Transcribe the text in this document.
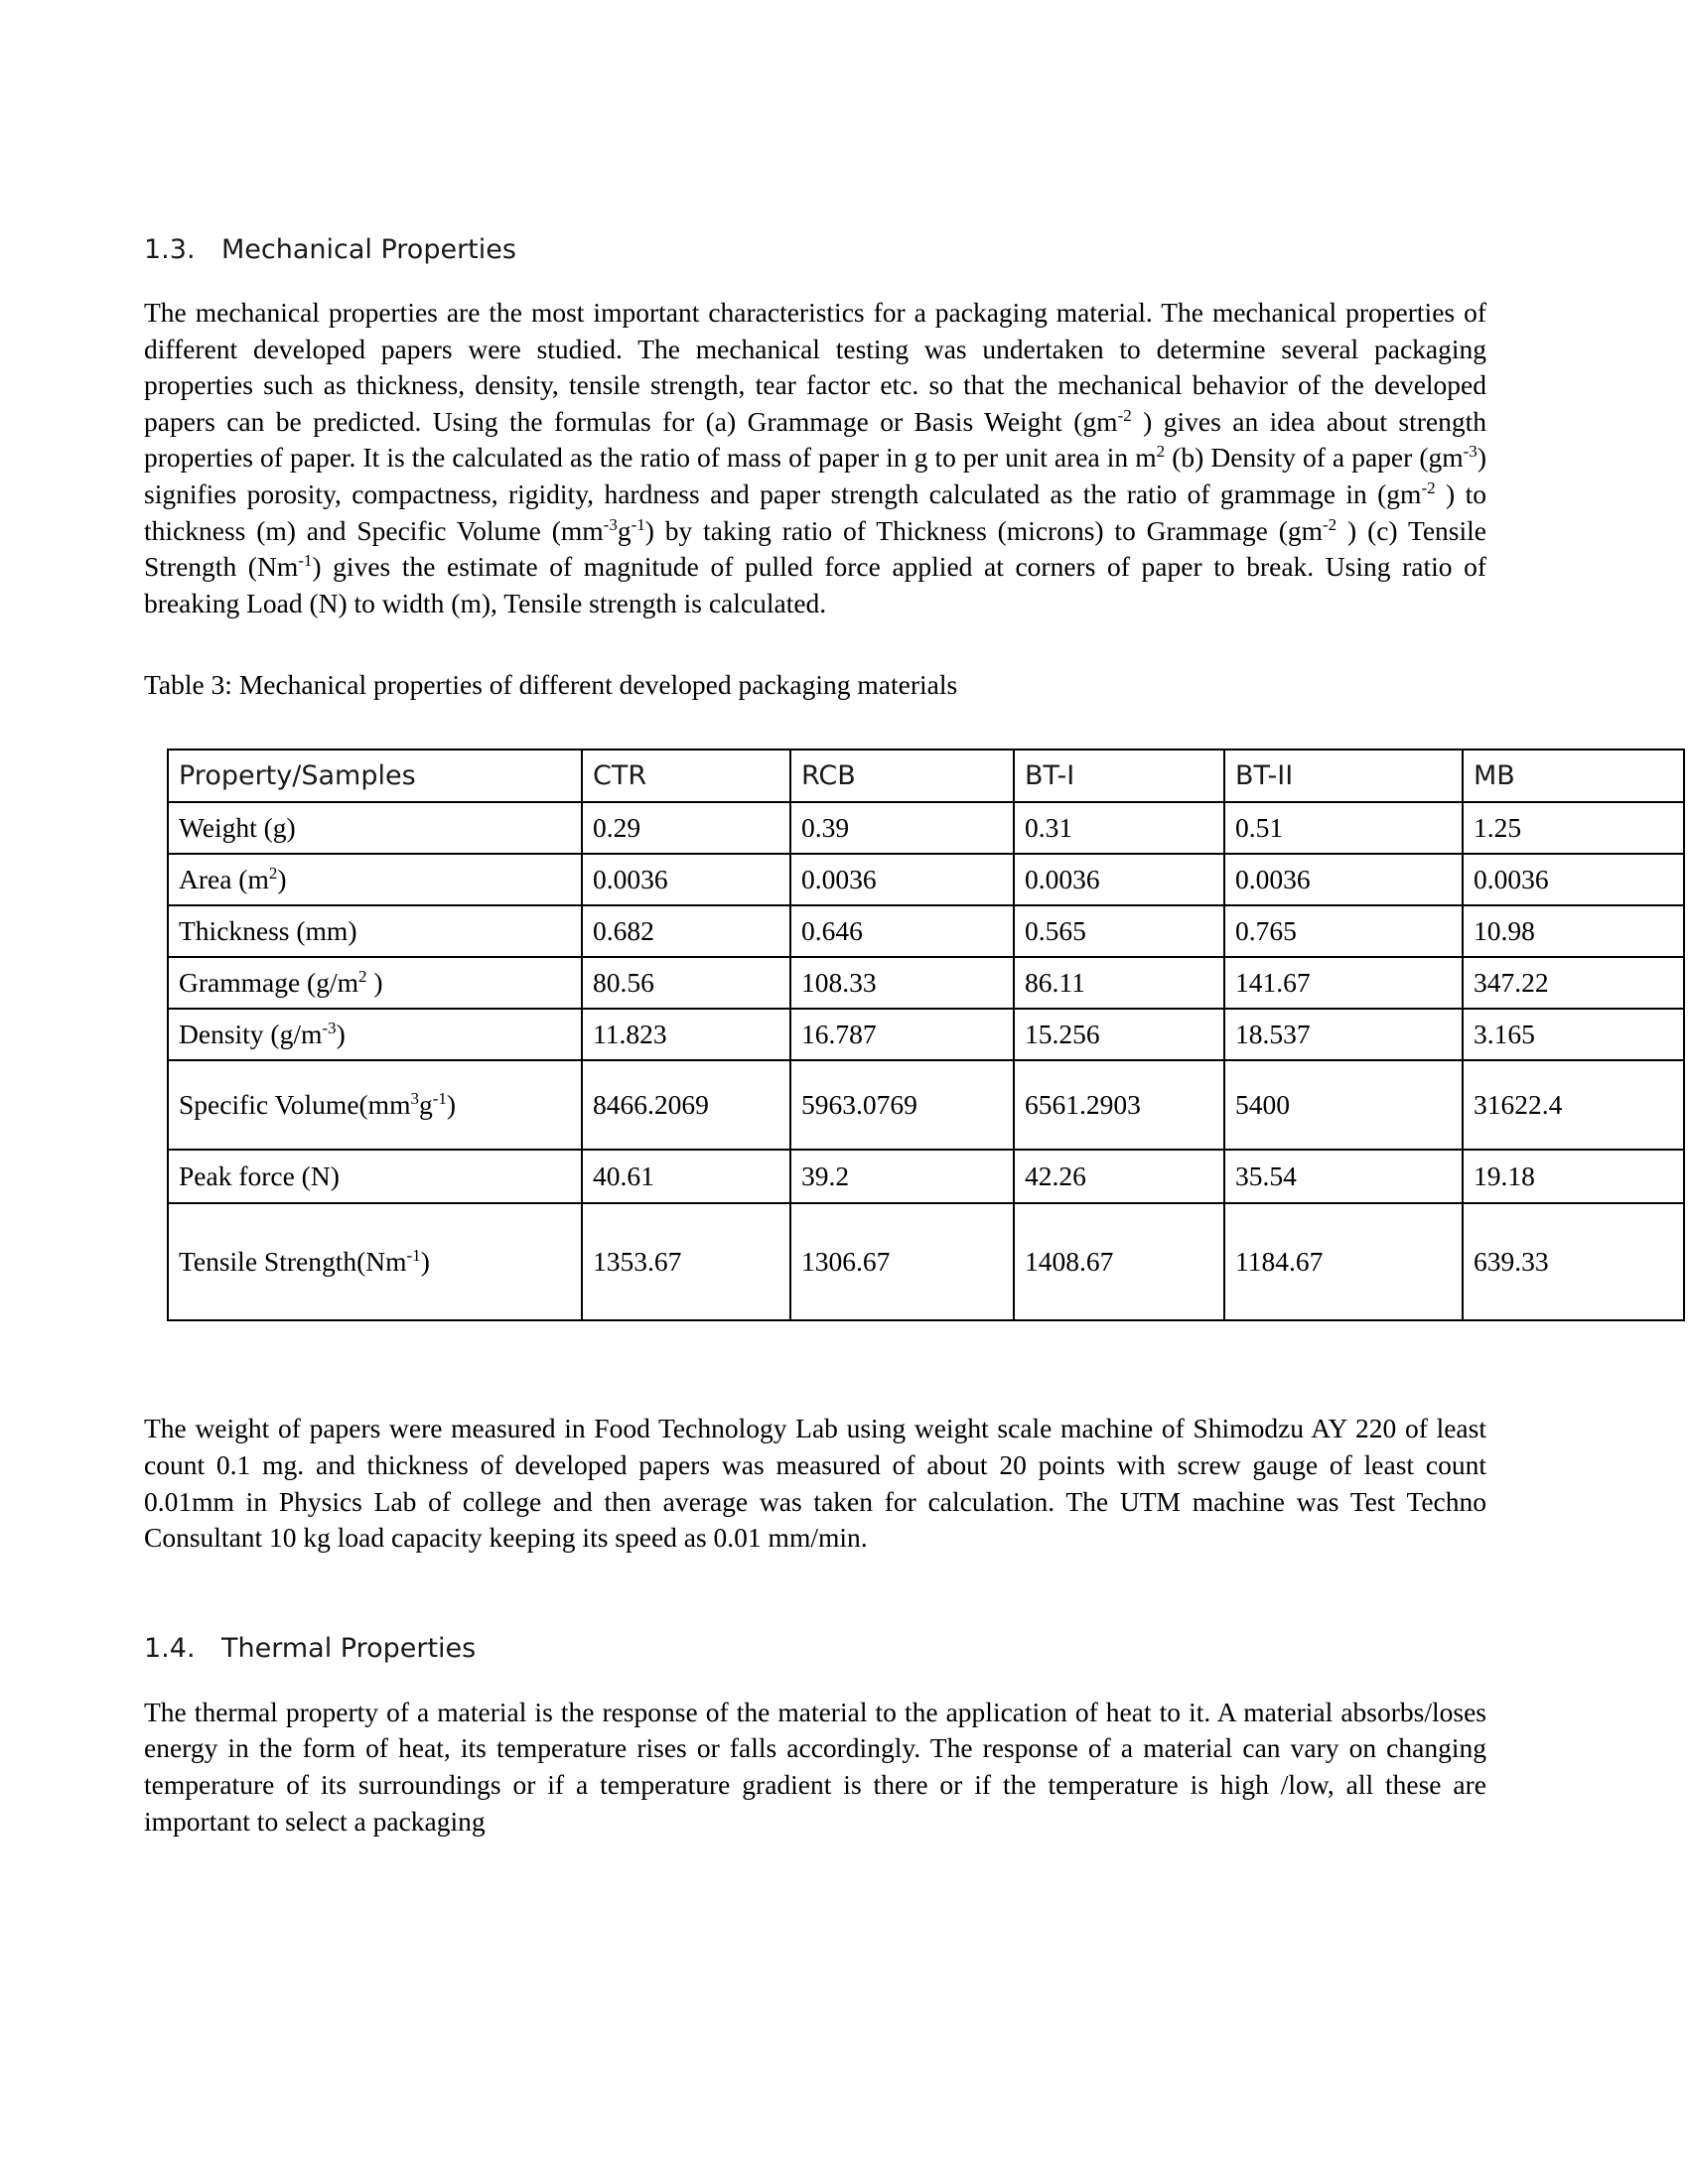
1.3. Mechanical Properties

The mechanical properties are the most important characteristics for a packaging material. The mechanical properties of different developed papers were studied. The mechanical testing was undertaken to determine several packaging properties such as thickness, density, tensile strength, tear factor etc. so that the mechanical behavior of the developed papers can be predicted. Using the formulas for (a) Grammage or Basis Weight ($gm^{-2}$ ) gives an idea about strength properties of paper. It is the calculated as the ratio of mass of paper in g to per unit area in $m^2$ (b) Density of a paper $(gm^{-3})$ signifies porosity, compactness, rigidity, hardness and paper strength calculated as the ratio of grammage in ($gm^{-2}$ ) to thickness (m) and Specific Volume $(mm^{-3}g^{-1})$ by taking ratio of Thickness (microns) to Grammage ($gm^{-2}$ ) (c) Tensile Strength $(Nm^{-1})$ gives the estimate of magnitude of pulled force applied at corners of paper to break. Using ratio of breaking Load (N) to width (m), Tensile strength is calculated.

Table 3: Mechanical properties of different developed packaging materials

Property/Samples	CTR	RCB	BT-I	BT-II	MB
Weight (g)	0.29	0.39	0.31	0.51	1.25
Area $(m^2)$	0.0036	0.0036	0.0036	0.0036	0.0036
Thickness (mm)	0.682	0.646	0.565	0.765	10.98
Grammage ($g/m^2$ )	80.56	108.33	86.11	141.67	347.22
Density $(g/m^{-3})$	11.823	16.787	15.256	18.537	3.165
Specific $Volume(mm^3g^{-1})$	8466.2069	5963.0769	6561.2903	5400	31622.4
Peak force (N)	40.61	39.2	42.26	35.54	19.18
Tensile $Strength(Nm^{-1})$	1353.67	1306.67	1408.67	1184.67	639.33

The weight of papers were measured in Food Technology Lab using weight scale machine of Shimodzu AY 220 of least count 0.1 mg. and thickness of developed papers was measured of about 20 points with screw gauge of least count 0.01mm in Physics Lab of college and then average was taken for calculation. The UTM machine was Test Techno Consultant 10 kg load capacity keeping its speed as 0.01 mm/min.

1.4. Thermal Properties

The thermal property of a material is the response of the material to the application of heat to it. A material absorbs/loses energy in the form of heat, its temperature rises or falls accordingly. The response of a material can vary on changing temperature of its surroundings or if a temperature gradient is there or if the temperature is high /low, all these are important to select a packaging
